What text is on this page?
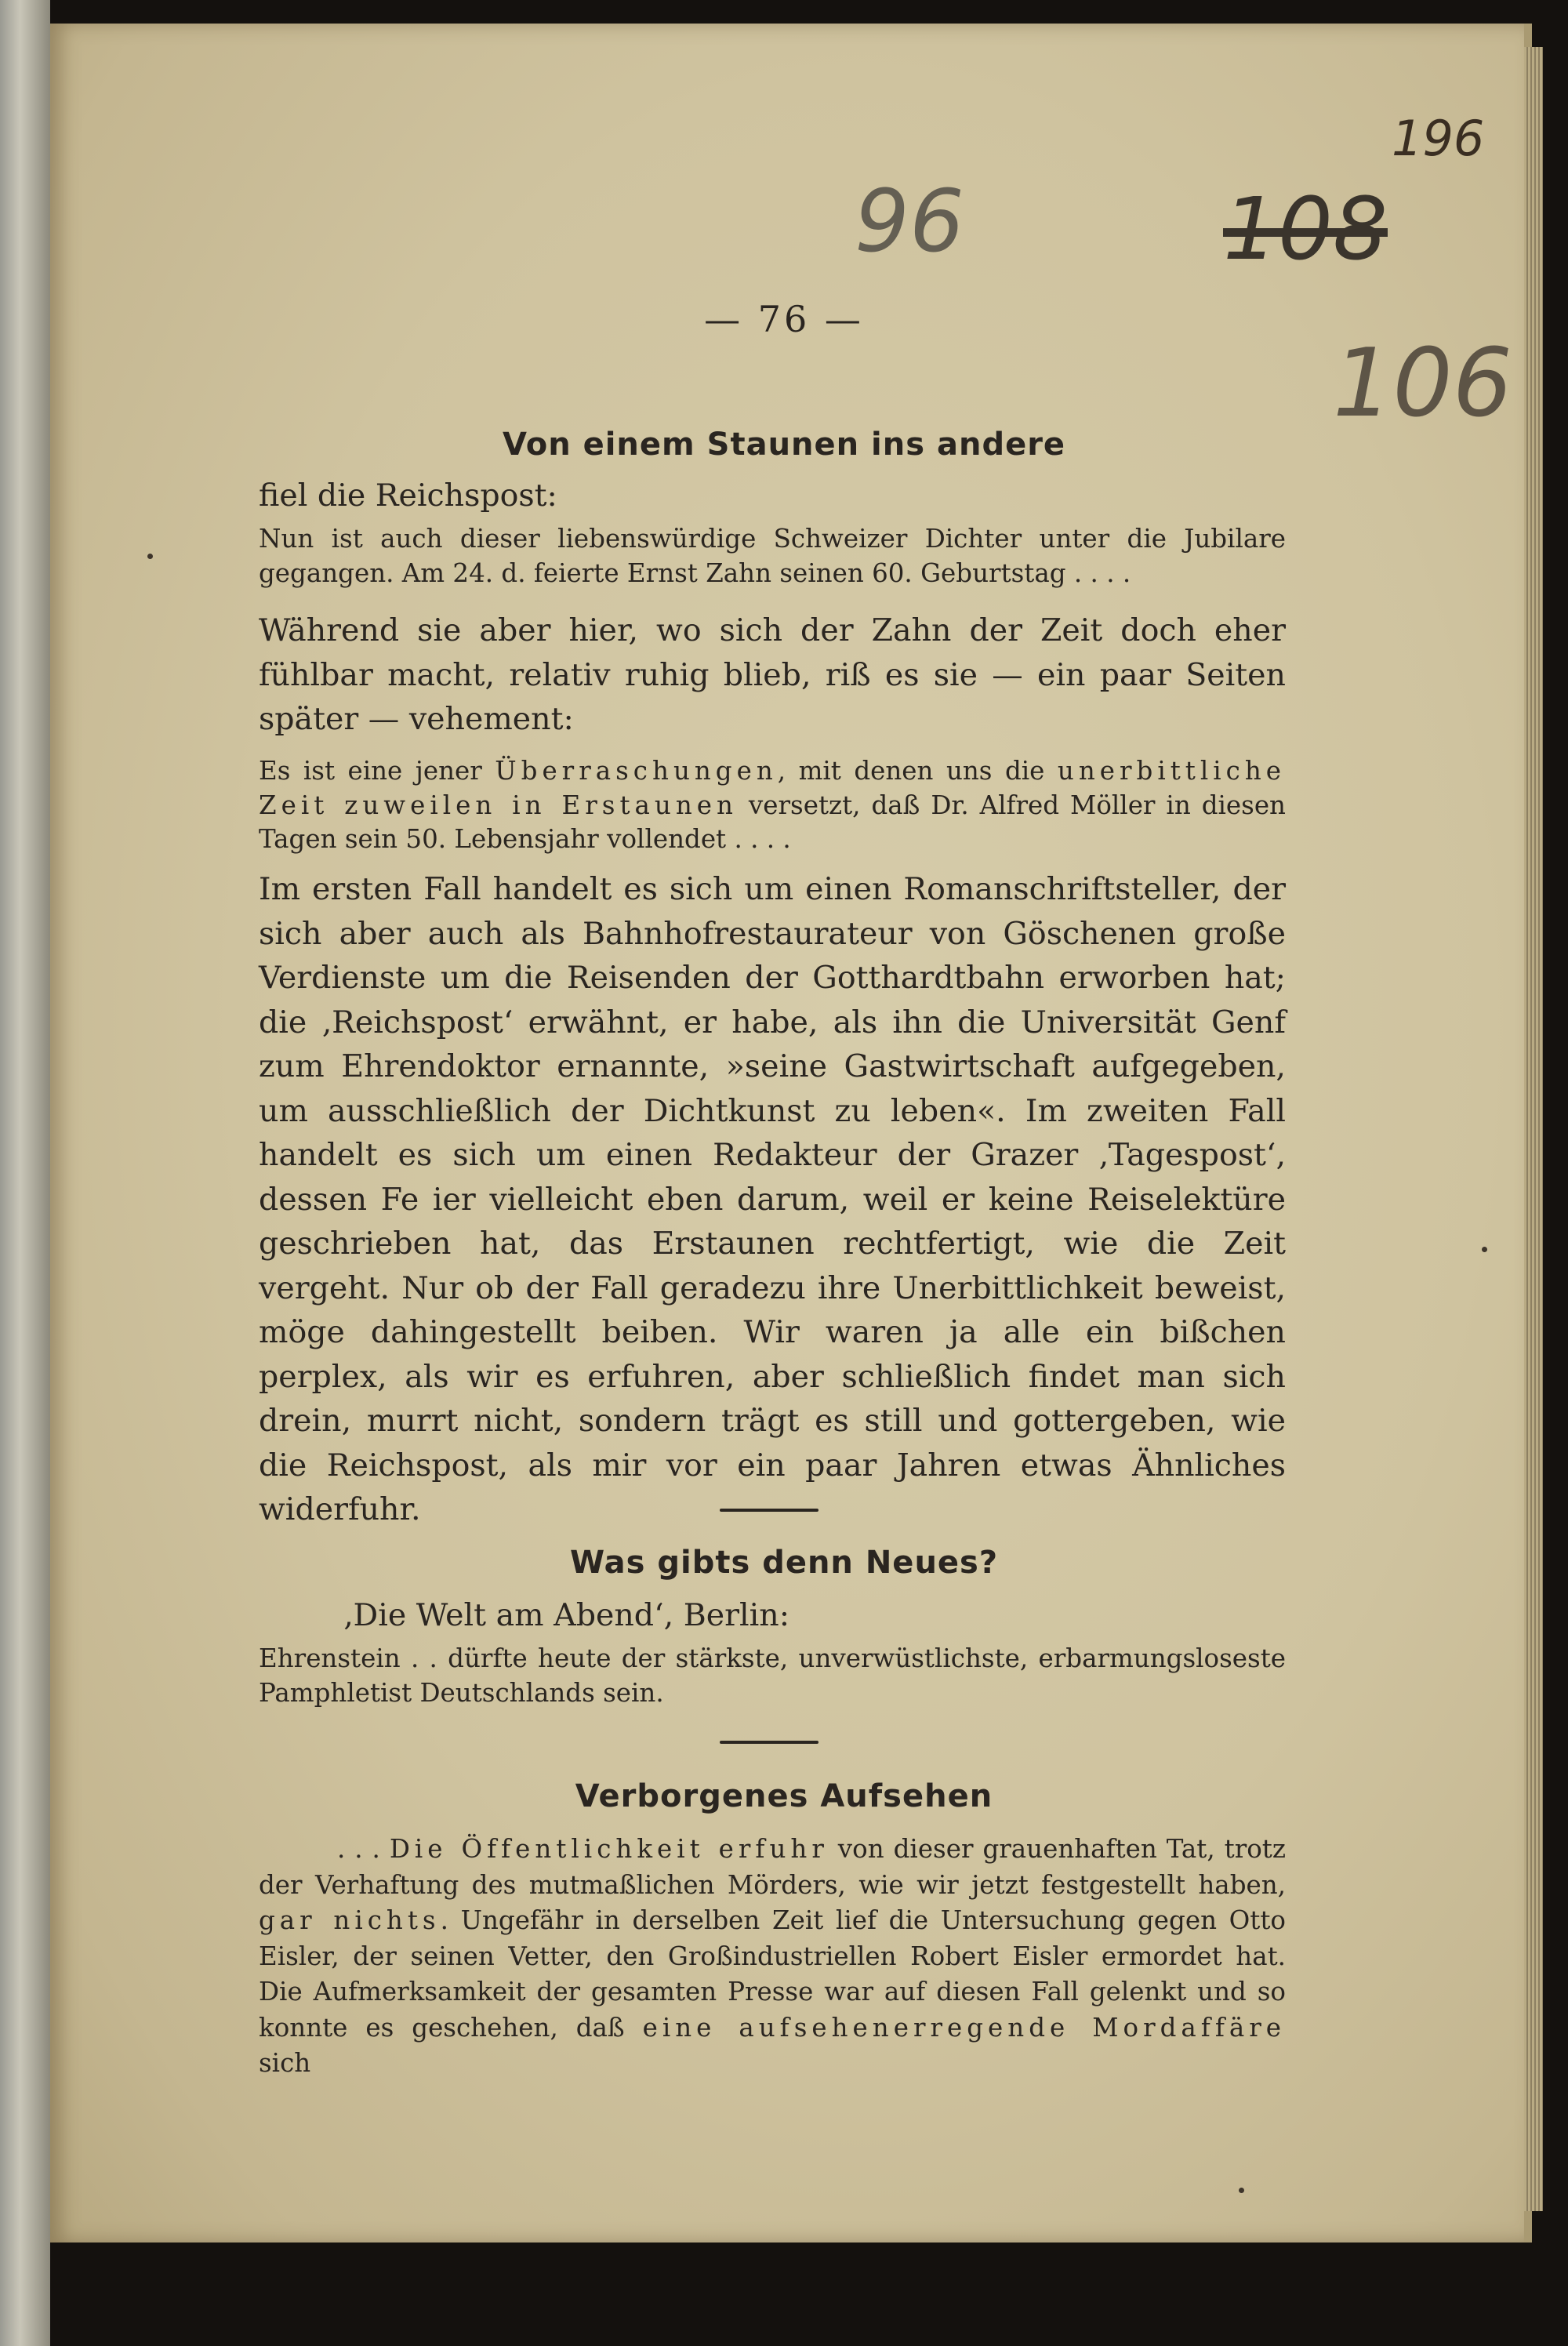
196
96	108
106
— 76 —
Von einem Staunen ins andere
fiel die Reichspost:
Nun ist auch dieser liebenswürdige Schweizer Dichter unter die Jubilare gegangen. Am 24. d. feierte Ernst Zahn seinen 60. Geburtstag . . . .
Während sie aber hier, wo sich der Zahn der Zeit doch eher fühlbar macht, relativ ruhig blieb, riß es sie — ein paar Seiten später — vehement:
Es ist eine jener Überraschungen, mit denen uns die unerbittliche Zeit zuweilen in Erstaunen versetzt, daß Dr. Alfred Möller in diesen Tagen sein 50. Lebensjahr vollendet . . . .
Im ersten Fall handelt es sich um einen Romanschriftsteller, der sich aber auch als Bahnhofrestaurateur von Göschenen große Verdienste um die Reisenden der Gotthardtbahn erworben hat; die ‚Reichspost‘ erwähnt, er habe, als ihn die Universität Genf zum Ehrendoktor ernannte, »seine Gastwirtschaft aufgegeben, um ausschließlich der Dichtkunst zu leben«. Im zweiten Fall handelt es sich um einen Redakteur der Grazer ‚Tagespost‘, dessen Fe ier vielleicht eben darum, weil er keine Reiselektüre geschrieben hat, das Erstaunen rechtfertigt, wie die Zeit vergeht. Nur ob der Fall geradezu ihre Unerbittlichkeit beweist, möge dahingestellt beiben. Wir waren ja alle ein bißchen perplex, als wir es erfuhren, aber schließlich findet man sich drein, murrt nicht, sondern trägt es still und gottergeben, wie die Reichspost, als mir vor ein paar Jahren etwas Ähnliches widerfuhr.
Was gibts denn Neues?
‚Die Welt am Abend‘, Berlin:
Ehrenstein . . dürfte heute der stärkste, unverwüstlichste, erbarmungsloseste Pamphletist Deutschlands sein.
Verborgenes Aufsehen
. . . Die Öffentlichkeit erfuhr von dieser grauenhaften Tat, trotz der Verhaftung des mutmaßlichen Mörders, wie wir jetzt festgestellt haben, gar nichts. Ungefähr in derselben Zeit lief die Untersuchung gegen Otto Eisler, der seinen Vetter, den Großindustriellen Robert Eisler ermordet hat. Die Aufmerksamkeit der gesamten Presse war auf diesen Fall gelenkt und so konnte es geschehen, daß eine aufsehenerregende Mordaffäre sich
